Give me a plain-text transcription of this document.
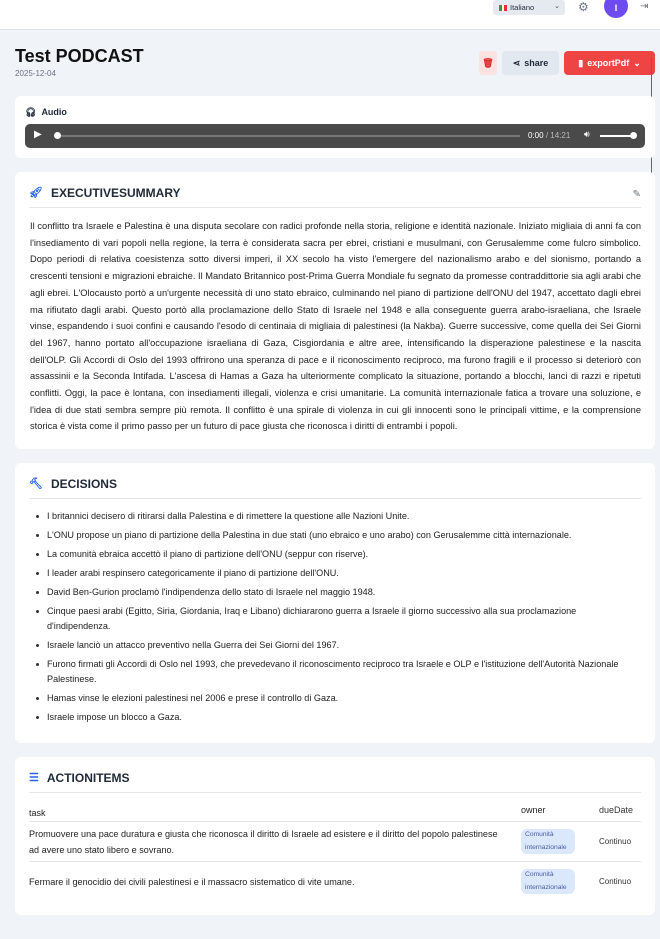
Italiano	⌄ ⚙	I	⇥
Test PODCAST
2025-12-04
🗑 ⋖ share	▮ exportPdf ⌄
🎧︎ Audio
▶	0:00 / 14:21 🔊︎
🚀︎ EXECUTIVESUMMARY	✎

Il conflitto tra Israele e Palestina è una disputa secolare con radici profonde nella storia, religione e identità nazionale. Iniziato migliaia di anni fa con l'insediamento di vari popoli nella regione, la terra è considerata sacra per ebrei, cristiani e musulmani, con Gerusalemme come fulcro simbolico. Dopo periodi di relativa coesistenza sotto diversi imperi, il XX secolo ha visto l'emergere del nazionalismo arabo e del sionismo, portando a crescenti tensioni e migrazioni ebraiche. Il Mandato Britannico post-Prima Guerra Mondiale fu segnato da promesse contraddittorie sia agli arabi che agli ebrei. L'Olocausto portò a un'urgente necessità di uno stato ebraico, culminando nel piano di partizione dell'ONU del 1947, accettato dagli ebrei ma rifiutato dagli arabi. Questo portò alla proclamazione dello Stato di Israele nel 1948 e alla conseguente guerra arabo-israeliana, che Israele vinse, espandendo i suoi confini e causando l'esodo di centinaia di migliaia di palestinesi (la Nakba). Guerre successive, come quella dei Sei Giorni del 1967, hanno portato all'occupazione israeliana di Gaza, Cisgiordania e altre aree, intensificando la disperazione palestinese e la nascita dell'OLP. Gli Accordi di Oslo del 1993 offrirono una speranza di pace e il riconoscimento reciproco, ma furono fragili e il processo si deteriorò con assassinii e la Seconda Intifada. L'ascesa di Hamas a Gaza ha ulteriormente complicato la situazione, portando a blocchi, lanci di razzi e ripetuti conflitti. Oggi, la pace è lontana, con insediamenti illegali, violenza e crisi umanitarie. La comunità internazionale fatica a trovare una soluzione, e l'idea di due stati sembra sempre più remota. Il conflitto è una spirale di violenza in cui gli innocenti sono le principali vittime, e la comprensione storica è vista come il primo passo per un futuro di pace giusta che riconosca i diritti di entrambi i popoli.

🔨︎ DECISIONS
I britannici decisero di ritirarsi dalla Palestina e di rimettere la questione alle Nazioni Unite.
L'ONU propose un piano di partizione della Palestina in due stati (uno ebraico e uno arabo) con Gerusalemme città internazionale.
La comunità ebraica accettò il piano di partizione dell'ONU (seppur con riserve).
I leader arabi respinsero categoricamente il piano di partizione dell'ONU.
David Ben-Gurion proclamò l'indipendenza dello stato di Israele nel maggio 1948.
Cinque paesi arabi (Egitto, Siria, Giordania, Iraq e Libano) dichiararono guerra a Israele il giorno successivo alla sua proclamazione d'indipendenza.
Israele lanciò un attacco preventivo nella Guerra dei Sei Giorni del 1967.
Furono firmati gli Accordi di Oslo nel 1993, che prevedevano il riconoscimento reciproco tra Israele e OLP e l'istituzione dell'Autorità Nazionale Palestinese.
Hamas vinse le elezioni palestinesi nel 2006 e prese il controllo di Gaza.
Israele impose un blocco a Gaza.
☰ ACTIONITEMS
task	owner	dueDate
Promuovere una pace duratura e giusta che riconosca il diritto di Israele ad esistere e il diritto del popolo palestinese ad avere uno stato libero e sovrano.
Comunità internazionale
Continuo
Fermare il genocidio dei civili palestinesi e il massacro sistematico di vite umane.
Comunità internazionale
Continuo
